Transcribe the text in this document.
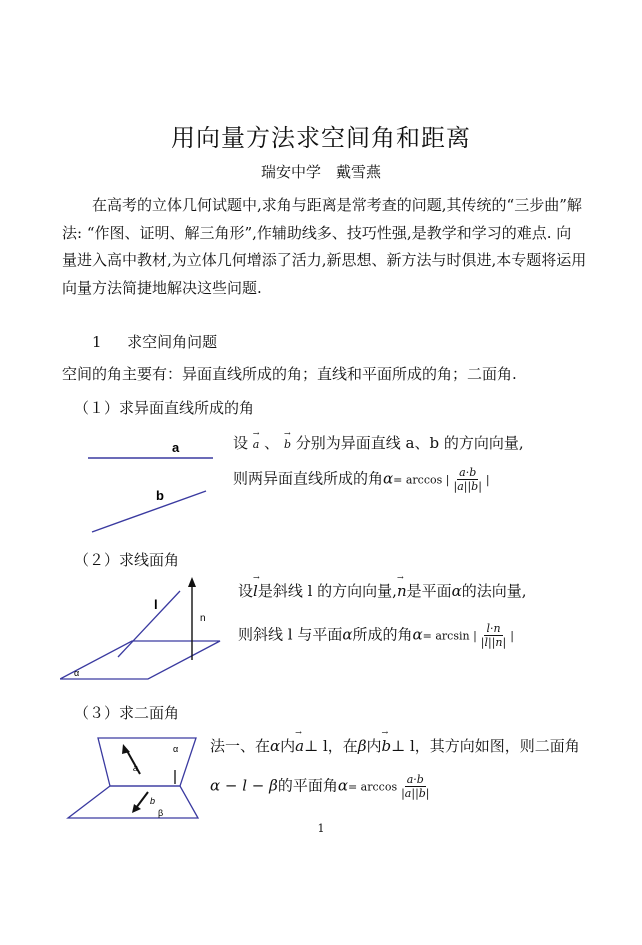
用向量方法求空间角和距离
瑞安中学　戴雪燕
在高考的立体几何试题中,求角与距离是常考查的问题,其传统的“三步曲”解
法: “作图、证明、解三角形”,作辅助线多、技巧性强,是教学和学习的难点. 向
量进入高中教材,为立体几何增添了活力,新思想、新方法与时俱进,本专题将运用
向量方法简捷地解决这些问题.
1 求空间角问题
空间的角主要有：异面直线所成的角；直线和平面所成的角；二面角.
（１）求异面直线所成的角
a
b
设 → a 、 → b 分别为异面直线 a、b 的方向向量,
则两异面直线所成的角α= arccos | $\frac{a\cdot b}{|a||b|}$ |
（２）求线面角
l
n
α
设→ l是斜线 l 的方向向量,→ n是平面α的法向量,
则斜线 l 与平面α所成的角α= arcsin | $\frac{l\cdot n}{|l||n|}$ |
（３）求二面角
α
β
a
b
法一、在α内→ a⊥ l，在β内→ b⊥ l，其方向如图，则二面角
α − l − β的平面角$\alpha= \arccos \frac{a\cdot b}{|a||b|}$
1
